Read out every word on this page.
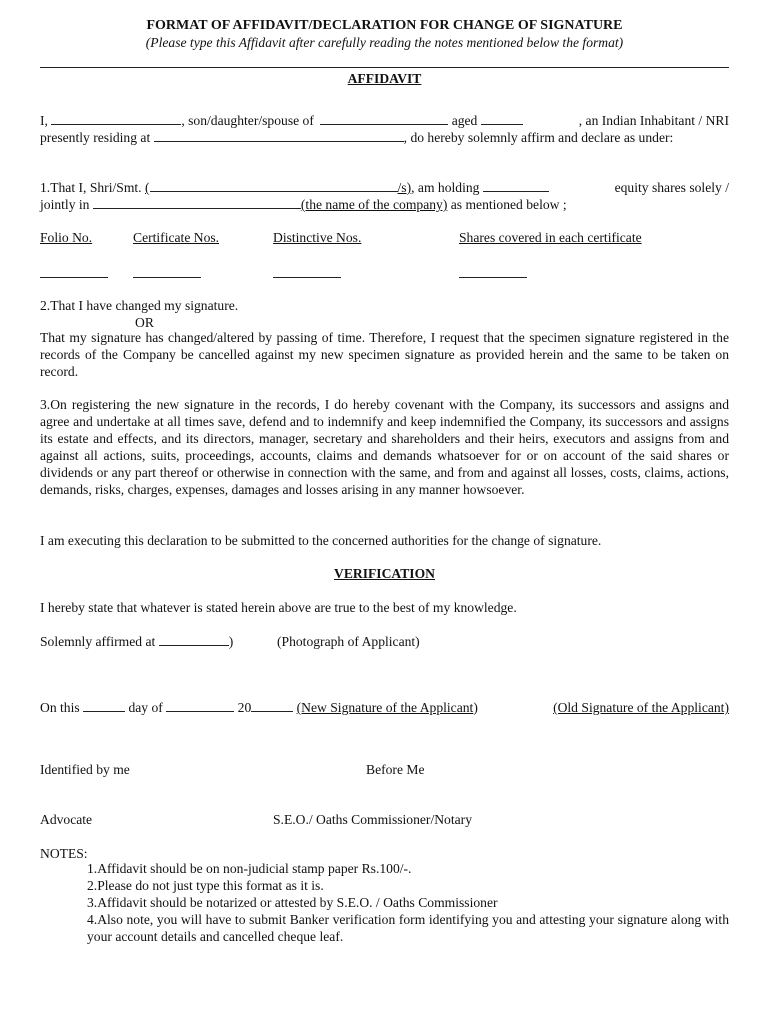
FORMAT OF AFFIDAVIT/DECLARATION FOR CHANGE OF SIGNATURE
(Please type this Affidavit after carefully reading the notes mentioned below the format)
AFFIDAVIT
I,	, son/daughter/spouse of	aged	, an Indian Inhabitant / NRI
presently residing at	, do hereby solemnly affirm and declare as under:
1.That I, Shri/Smt. (	/s), am holding	equity shares solely /
jointly in	(the name of the company) as mentioned below ;
Folio No.	Certificate Nos.	Distinctive Nos.	Shares covered in each certificate
2.That I have changed my signature.
OR
That my signature has changed/altered by passing of time. Therefore, I request that the specimen signature registered in the records of the Company be cancelled against my new specimen signature as provided herein and the same to be taken on record.
3.On registering the new signature in the records, I do hereby covenant with the Company, its successors and assigns and agree and undertake at all times save, defend and to indemnify and keep indemnified the Company, its successors and assigns its estate and effects, and its directors, manager, secretary and shareholders and their heirs, executors and assigns from and against all actions, suits, proceedings, accounts, claims and demands whatsoever for or on account of the said shares or dividends or any part thereof or otherwise in connection with the same, and from and against all losses, costs, claims, actions, demands, risks, charges, expenses, damages and losses arising in any manner howsoever.
I am executing this declaration to be submitted to the concerned authorities for the change of signature.
VERIFICATION
I hereby state that whatever is stated herein above are true to the best of my knowledge.
Solemnly affirmed at	)	(Photograph of Applicant)
On this	day of	20	(New Signature of the Applicant)	(Old Signature of the Applicant)
Identified by me	Before Me
Advocate	S.E.O./ Oaths Commissioner/Notary
NOTES:
1.Affidavit should be on non-judicial stamp paper Rs.100/-.
2.Please do not just type this format as it is.
3.Affidavit should be notarized or attested by S.E.O. / Oaths Commissioner
4.Also note, you will have to submit Banker verification form identifying you and attesting your signature along with your account details and cancelled cheque leaf.
